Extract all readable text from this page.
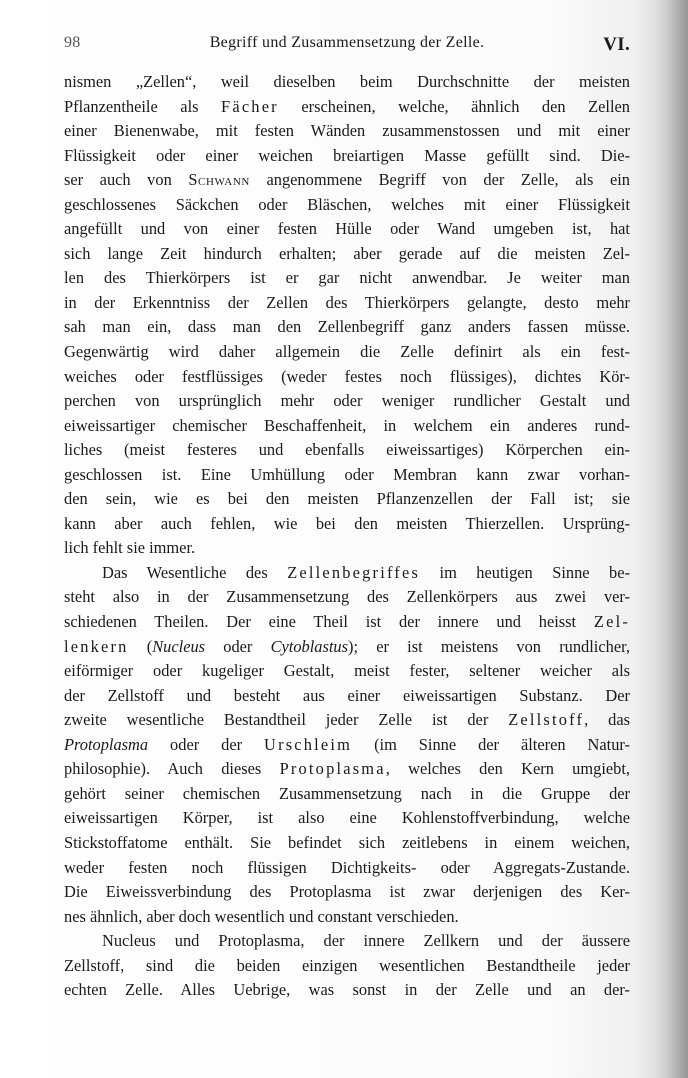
98	Begriff und Zusammensetzung der Zelle.	VI.
nismen „Zellen“, weil dieselben beim Durchschnitte der meisten
Pflanzentheile als Fächer erscheinen, welche, ähnlich den Zellen
einer Bienenwabe, mit festen Wänden zusammenstossen und mit einer
Flüssigkeit oder einer weichen breiartigen Masse gefüllt sind. Die-
ser auch von Schwann angenommene Begriff von der Zelle, als ein
geschlossenes Säckchen oder Bläschen, welches mit einer Flüssigkeit
angefüllt und von einer festen Hülle oder Wand umgeben ist, hat
sich lange Zeit hindurch erhalten; aber gerade auf die meisten Zel-
len des Thierkörpers ist er gar nicht anwendbar. Je weiter man
in der Erkenntniss der Zellen des Thierkörpers gelangte, desto mehr
sah man ein, dass man den Zellenbegriff ganz anders fassen müsse.
Gegenwärtig wird daher allgemein die Zelle definirt als ein fest-
weiches oder festflüssiges (weder festes noch flüssiges), dichtes Kör-
perchen von ursprünglich mehr oder weniger rundlicher Gestalt und
eiweissartiger chemischer Beschaffenheit, in welchem ein anderes rund-
liches (meist festeres und ebenfalls eiweissartiges) Körperchen ein-
geschlossen ist. Eine Umhüllung oder Membran kann zwar vorhan-
den sein, wie es bei den meisten Pflanzenzellen der Fall ist; sie
kann aber auch fehlen, wie bei den meisten Thierzellen. Ursprüng-
lich fehlt sie immer.
Das Wesentliche des Zellenbegriffes im heutigen Sinne be-
steht also in der Zusammensetzung des Zellenkörpers aus zwei ver-
schiedenen Theilen. Der eine Theil ist der innere und heisst Zel-
lenkern (Nucleus oder Cytoblastus); er ist meistens von rundlicher,
eiförmiger oder kugeliger Gestalt, meist fester, seltener weicher als
der Zellstoff und besteht aus einer eiweissartigen Substanz. Der
zweite wesentliche Bestandtheil jeder Zelle ist der Zellstoff, das
Protoplasma oder der Urschleim (im Sinne der älteren Natur-
philosophie). Auch dieses Protoplasma, welches den Kern umgiebt,
gehört seiner chemischen Zusammensetzung nach in die Gruppe der
eiweissartigen Körper, ist also eine Kohlenstoffverbindung, welche
Stickstoffatome enthält. Sie befindet sich zeitlebens in einem weichen,
weder festen noch flüssigen Dichtigkeits- oder Aggregats-Zustande.
Die Eiweissverbindung des Protoplasma ist zwar derjenigen des Ker-
nes ähnlich, aber doch wesentlich und constant verschieden.
Nucleus und Protoplasma, der innere Zellkern und der äussere
Zellstoff, sind die beiden einzigen wesentlichen Bestandtheile jeder
echten Zelle. Alles Uebrige, was sonst in der Zelle und an der-
